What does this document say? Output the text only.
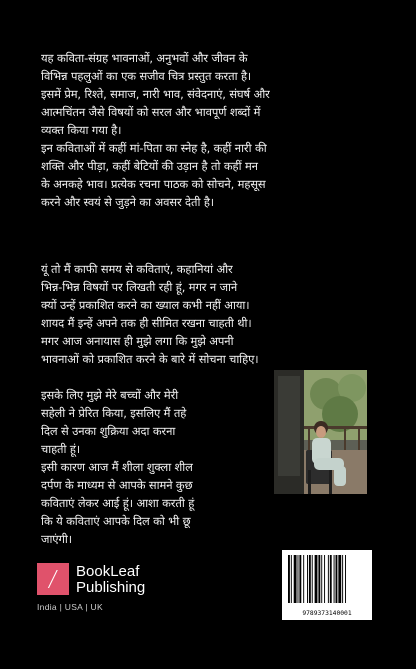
यह कविता-संग्रह भावनाओं, अनुभवों और जीवन के
विभिन्न पहलुओं का एक सजीव चित्र प्रस्तुत करता है।
इसमें प्रेम, रिश्ते, समाज, नारी भाव, संवेदनाएं, संघर्ष और
आत्मचिंतन जैसे विषयों को सरल और भावपूर्ण शब्दों में
व्यक्त किया गया है।
इन कविताओं में कहीं मां-पिता का स्नेह है, कहीं नारी की
शक्ति और पीड़ा, कहीं बेटियों की उड़ान है तो कहीं मन
के अनकहे भाव। प्रत्येक रचना पाठक को सोचने, महसूस
करने और स्वयं से जुड़ने का अवसर देती है।
यूं तो मैं काफी समय से कविताएं, कहानियां और
भिन्न-भिन्न विषयों पर लिखती रही हूं, मगर न जाने
क्यों उन्हें प्रकाशित करने का ख्याल कभी नहीं आया।
शायद मैं इन्हें अपने तक ही सीमित रखना चाहती थी।
मगर आज अनायास ही मुझे लगा कि मुझे अपनी
भावनाओं को प्रकाशित करने के बारे में सोचना चाहिए।
इसके लिए मुझे मेरे बच्चों और मेरी
सहेली ने प्रेरित किया, इसलिए मैं तहे
दिल से उनका शुक्रिया अदा करना
चाहती हूं।
इसी कारण आज मैं शीला शुक्ला शील
दर्पण के माध्यम से आपके सामने कुछ
कविताएं लेकर आई हूं। आशा करती हूं
कि ये कविताएं आपके दिल को भी छू
जाएंगी।
/ BookLeaf
Publishing
India | USA | UK
9789373140001
